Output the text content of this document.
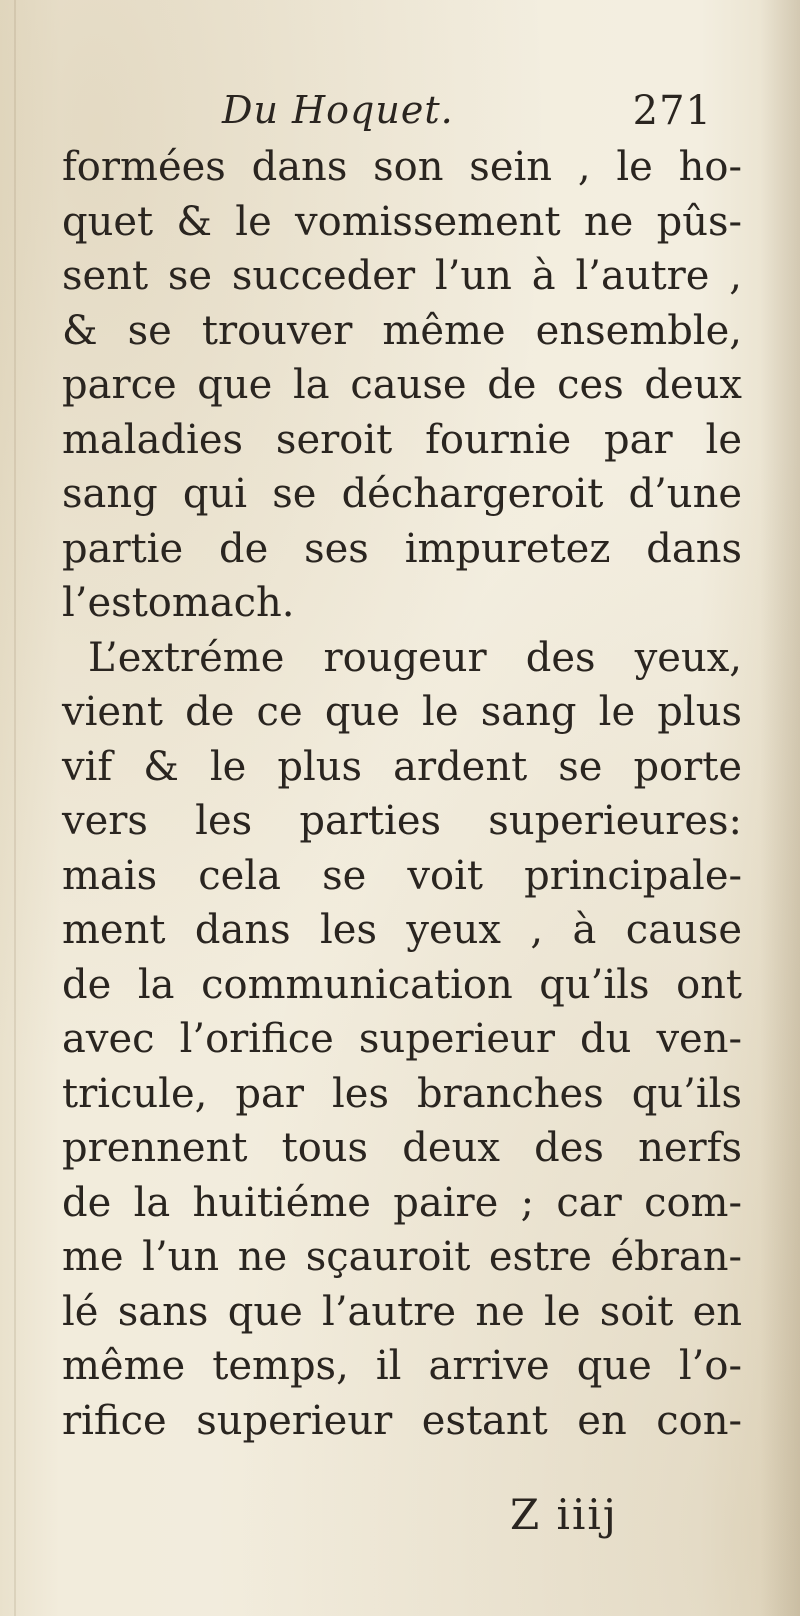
Du Hoquet.	271
formées dans son sein , le ho-
quet & le vomissement ne pûs-
sent se succeder l’un à l’autre ,
& se trouver même ensemble,
parce que la cause de ces deux
maladies seroit fournie par le
sang qui se déchargeroit d’une
partie de ses impuretez dans
l’estomach.
L’extréme rougeur des yeux,
vient de ce que le sang le plus
vif & le plus ardent se porte
vers les parties superieures:
mais cela se voit principale-
ment dans les yeux , à cause
de la communication qu’ils ont
avec l’orifice superieur du ven-
tricule, par les branches qu’ils
prennent tous deux des nerfs
de la huitiéme paire ; car com-
me l’un ne sçauroit estre ébran-
lé sans que l’autre ne le soit en
même temps, il arrive que l’o-
rifice superieur estant en con-
Z iiij
